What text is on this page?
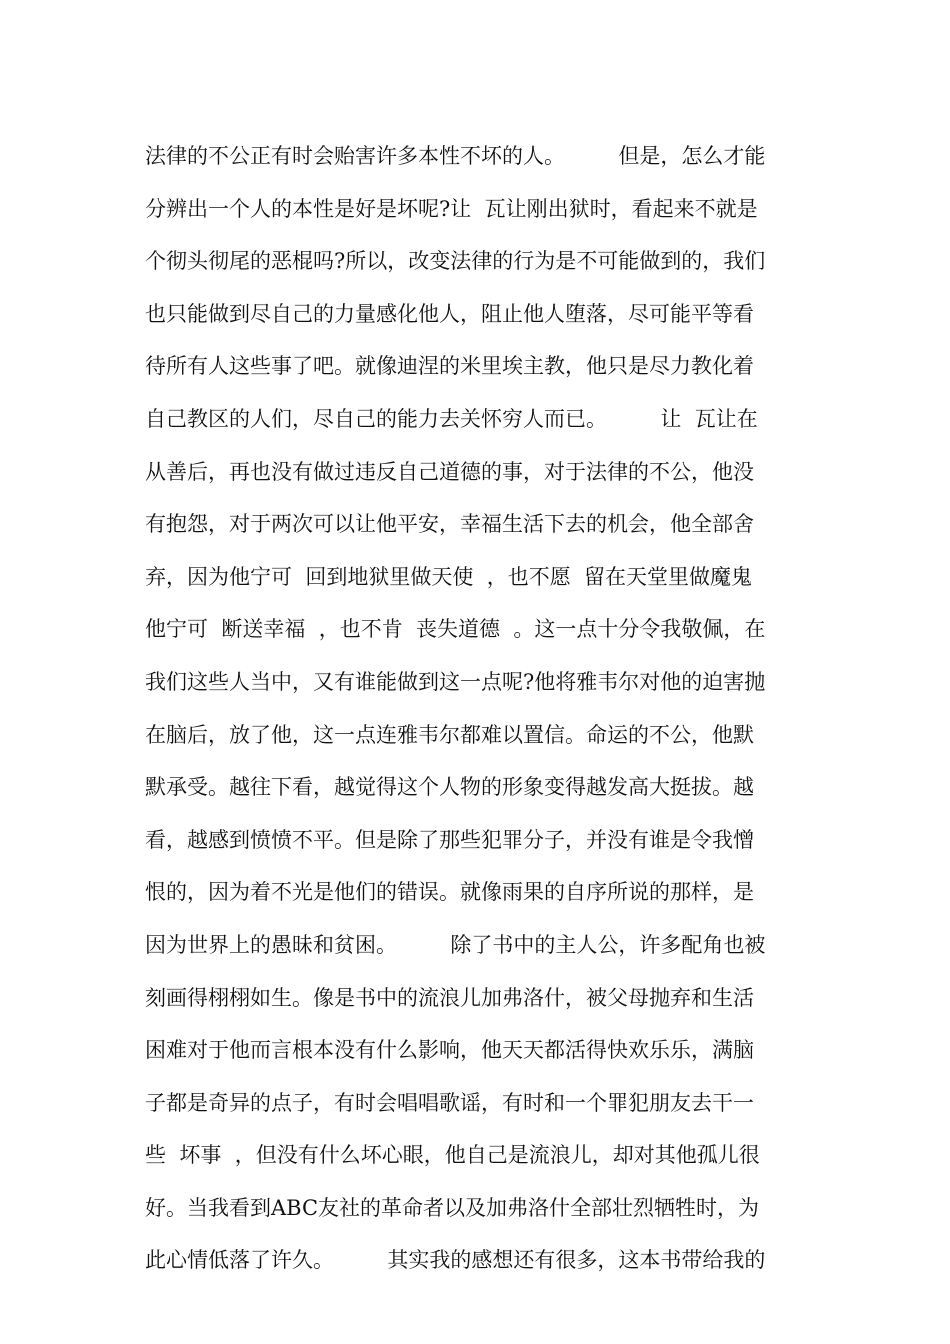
法律的不公正有时会贻害许多本性不坏的人。        但是，怎么才能
分辨出一个人的本性是好是坏呢?让  瓦让刚出狱时，看起来不就是
个彻头彻尾的恶棍吗?所以，改变法律的行为是不可能做到的，我们
也只能做到尽自己的力量感化他人，阻止他人堕落，尽可能平等看
待所有人这些事了吧。就像迪涅的米里埃主教，他只是尽力教化着
自己教区的人们，尽自己的能力去关怀穷人而已。        让  瓦让在
从善后，再也没有做过违反自己道德的事，对于法律的不公，他没
有抱怨，对于两次可以让他平安，幸福生活下去的机会，他全部舍
弃，因为他宁可  回到地狱里做天使  ，也不愿  留在天堂里做魔鬼
他宁可  断送幸福  ，也不肯  丧失道德  。这一点十分令我敬佩，在
我们这些人当中，又有谁能做到这一点呢?他将雅韦尔对他的迫害抛
在脑后，放了他，这一点连雅韦尔都难以置信。命运的不公，他默
默承受。越往下看，越觉得这个人物的形象变得越发高大挺拔。越
看，越感到愤愤不平。但是除了那些犯罪分子，并没有谁是令我憎
恨的，因为着不光是他们的错误。就像雨果的自序所说的那样，是
因为世界上的愚昧和贫困。        除了书中的主人公，许多配角也被
刻画得栩栩如生。像是书中的流浪儿加弗洛什，被父母抛弃和生活
困难对于他而言根本没有什么影响，他天天都活得快欢乐乐，满脑
子都是奇异的点子，有时会唱唱歌谣，有时和一个罪犯朋友去干一
些  坏事  ，但没有什么坏心眼，他自己是流浪儿，却对其他孤儿很
好。当我看到ABC友社的革命者以及加弗洛什全部壮烈牺牲时，为
此心情低落了许久。        其实我的感想还有很多，这本书带给我的
